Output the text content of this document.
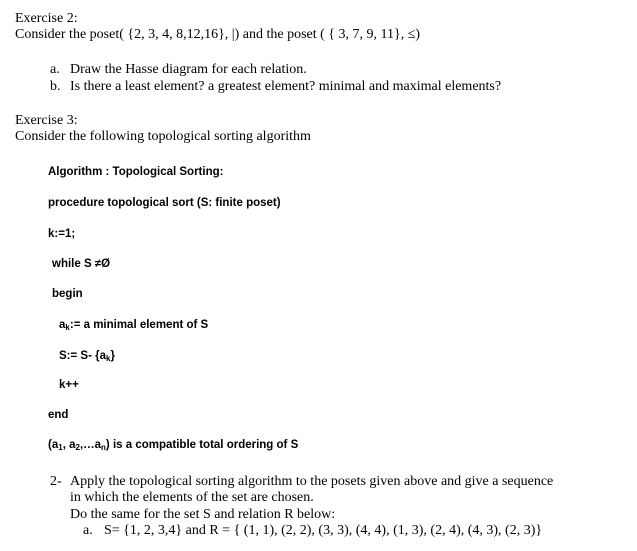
Exercise 2:
Consider the poset( {2, 3, 4, 8,12,16}, |) and the poset ( { 3, 7, 9, 11}, ≤)
a. Draw the Hasse diagram for each relation.
b. Is there a least element? a greatest element? minimal and maximal elements?
Exercise 3:
Consider the following topological sorting algorithm
Algorithm : Topological Sorting:
procedure topological sort (S: finite poset)
k:=1;
while S ≠Ø
begin
$a_k:= a$ minimal element of S
S:= S- $\{a_k\}$
k++
end
($a_1$, $a_2,\dots a_n$) is a compatible total ordering of S
2- Apply the topological sorting algorithm to the posets given above and give a sequence
in which the elements of the set are chosen.
Do the same for the set S and relation R below:
a. S= {1, 2, 3,4} and R = { (1, 1), (2, 2), (3, 3), (4, 4), (1, 3), (2, 4), (4, 3), (2, 3)}
